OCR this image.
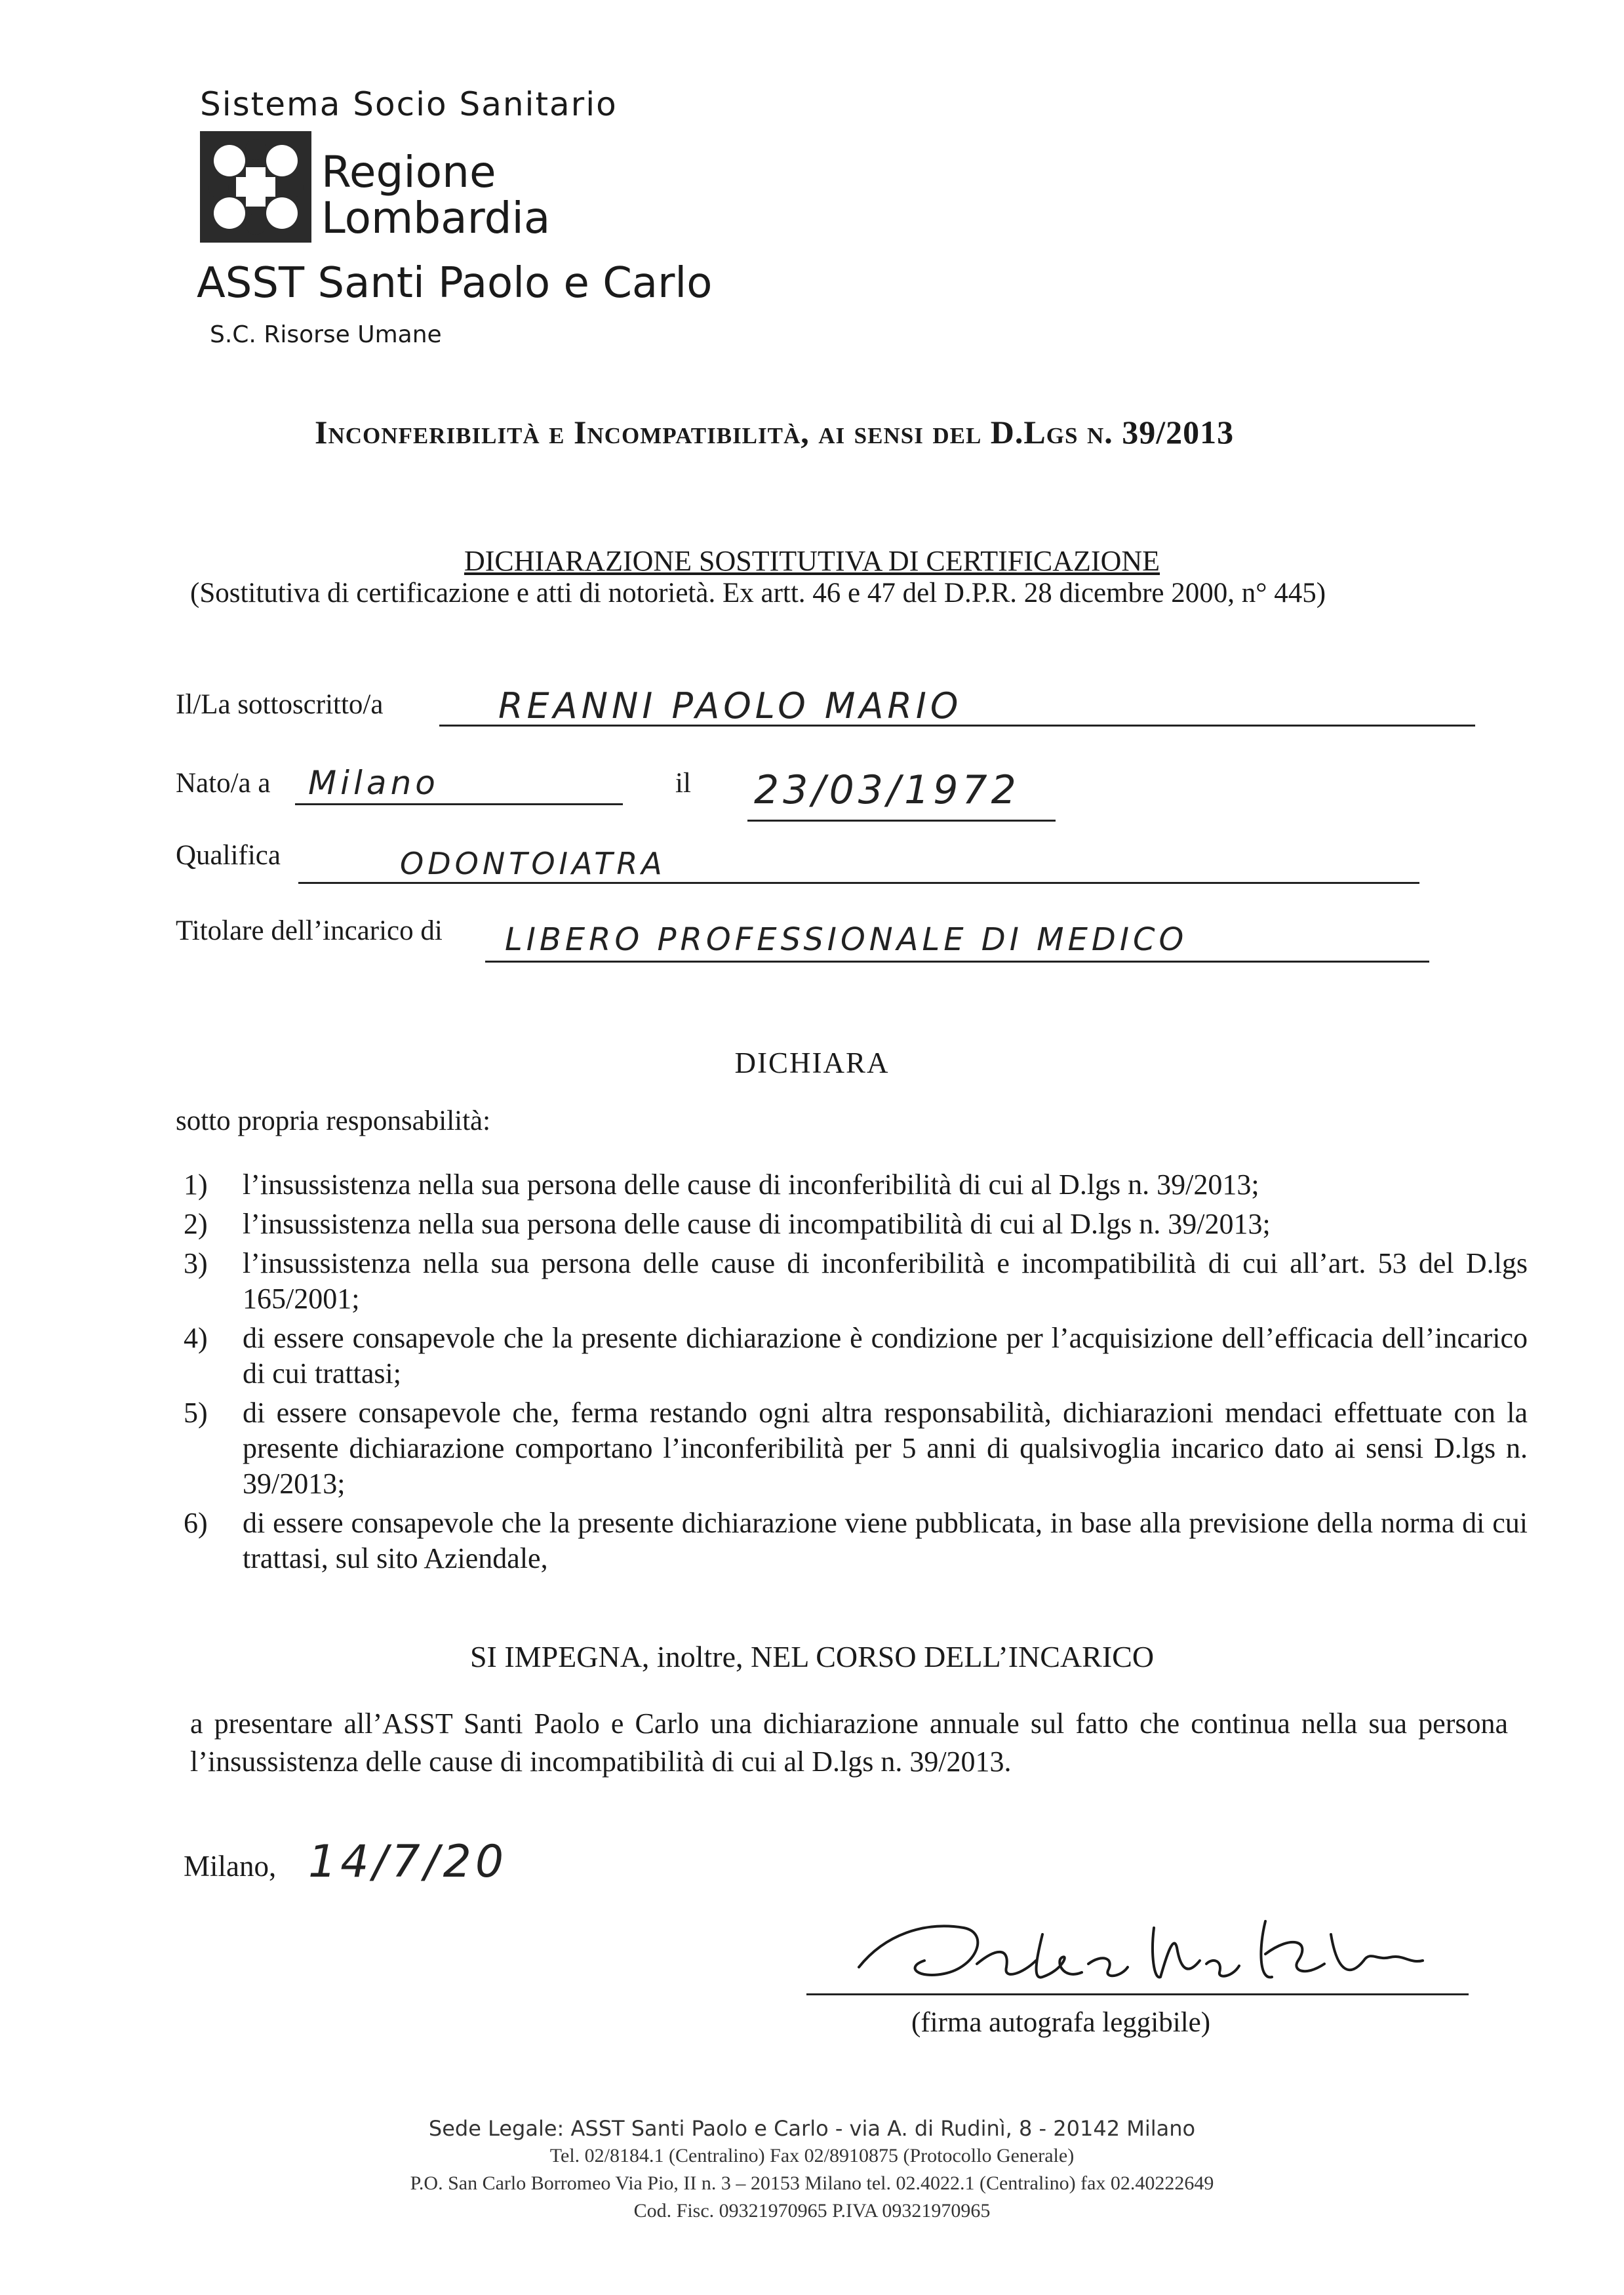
Sistema Socio Sanitario
Regione
Lombardia
ASST Santi Paolo e Carlo
S.C. Risorse Umane
Inconferibilità e Incompatibilità, ai sensi del D.Lgs n. 39/2013
DICHIARAZIONE SOSTITUTIVA DI CERTIFICAZIONE
(Sostitutiva di certificazione e atti di notorietà. Ex artt. 46 e 47 del D.P.R. 28 dicembre 2000, n° 445)
Il/La sottoscritto/a	REANNI PAOLO MARIO
Nato/a a Milano	il 23/03/1972
Qualifica	ODONTOIATRA
Titolare dell’incarico di LIBERO PROFESSIONALE DI MEDICO
DICHIARA
sotto propria responsabilità:
1)	l’insussistenza nella sua persona delle cause di inconferibilità di cui al D.lgs n. 39/2013;
2)	l’insussistenza nella sua persona delle cause di incompatibilità di cui al D.lgs n. 39/2013;
3)	l’insussistenza nella sua persona delle cause di inconferibilità e incompatibilità di cui all’art. 53 del D.lgs 165/2001;
4)	di essere consapevole che la presente dichiarazione è condizione per l’acquisizione dell’efficacia dell’incarico di cui trattasi;
5)	di essere consapevole che, ferma restando ogni altra responsabilità, dichiarazioni mendaci effettuate con la presente dichiarazione comportano l’inconferibilità per 5 anni di qualsivoglia incarico dato ai sensi D.lgs n. 39/2013;
6)	di essere consapevole che la presente dichiarazione viene pubblicata, in base alla previsione della norma di cui trattasi, sul sito Aziendale,
SI IMPEGNA, inoltre, NEL CORSO DELL’INCARICO
a presentare all’ASST Santi Paolo e Carlo una dichiarazione annuale sul fatto che continua nella sua persona l’insussistenza delle cause di incompatibilità di cui al D.lgs n. 39/2013.
Milano, 14/7/20
(firma autografa leggibile)
Sede Legale: ASST Santi Paolo e Carlo - via A. di Rudinì, 8 - 20142 Milano
Tel. 02/8184.1 (Centralino) Fax 02/8910875 (Protocollo Generale)
P.O. San Carlo Borromeo Via Pio, II n. 3 – 20153 Milano tel. 02.4022.1 (Centralino) fax 02.40222649
Cod. Fisc. 09321970965 P.IVA 09321970965
